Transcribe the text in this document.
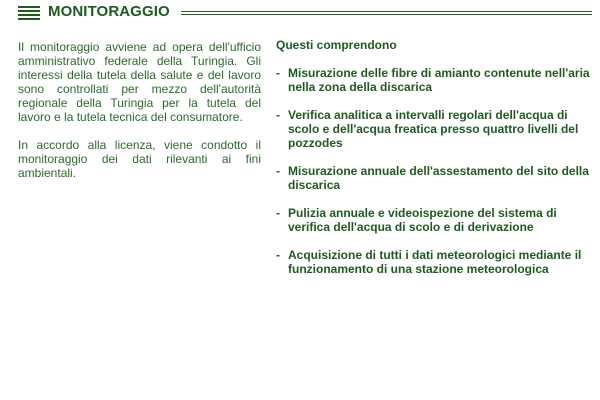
MONITORAGGIO

Il monitoraggio avviene ad opera dell'ufficio amministrativo federale della Turingia. Gli interessi della tutela della salute e del lavoro sono controllati per mezzo dell'autorità regionale della Turingia per la tutela del lavoro e la tutela tecnica del consumatore.

In accordo alla licenza, viene condotto il monitoraggio dei dati rilevanti ai fini ambientali.

Questi comprendono

- Misurazione delle fibre di amianto contenute nell'aria nella zona della discarica
- Verifica analitica a intervalli regolari dell'acqua di scolo e dell'acqua freatica presso quattro livelli del pozzodes
- Misurazione annuale dell'assestamento del sito della discarica
- Pulizia annuale e videoispezione del sistema di verifica dell'acqua di scolo e di derivazione
- Acquisizione di tutti i dati meteorologici mediante il funzionamento di una stazione meteorologica
